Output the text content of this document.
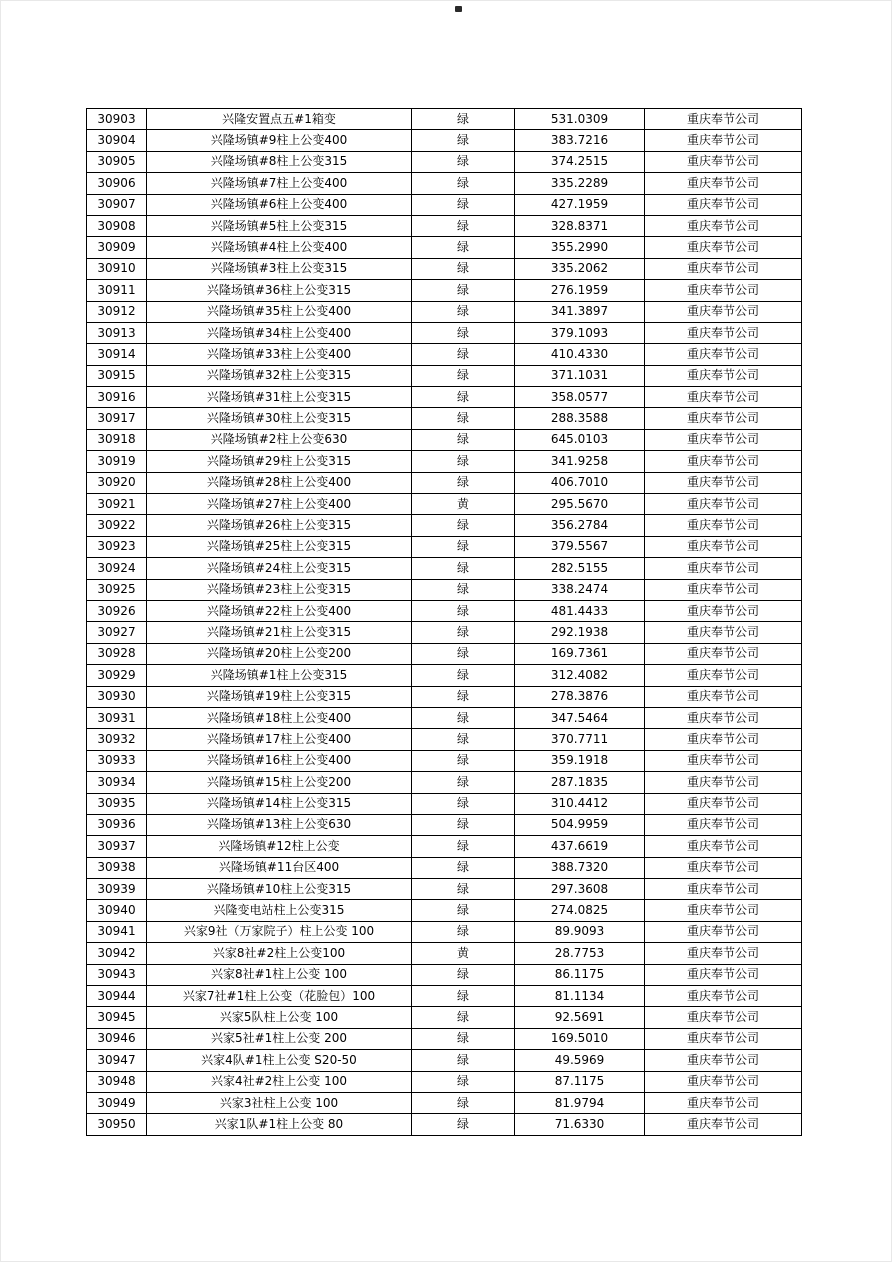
30903	兴隆安置点五#1箱变	绿	531.0309	重庆奉节公司
30904	兴隆场镇#9柱上公变400	绿	383.7216	重庆奉节公司
30905	兴隆场镇#8柱上公变315	绿	374.2515	重庆奉节公司
30906	兴隆场镇#7柱上公变400	绿	335.2289	重庆奉节公司
30907	兴隆场镇#6柱上公变400	绿	427.1959	重庆奉节公司
30908	兴隆场镇#5柱上公变315	绿	328.8371	重庆奉节公司
30909	兴隆场镇#4柱上公变400	绿	355.2990	重庆奉节公司
30910	兴隆场镇#3柱上公变315	绿	335.2062	重庆奉节公司
30911	兴隆场镇#36柱上公变315	绿	276.1959	重庆奉节公司
30912	兴隆场镇#35柱上公变400	绿	341.3897	重庆奉节公司
30913	兴隆场镇#34柱上公变400	绿	379.1093	重庆奉节公司
30914	兴隆场镇#33柱上公变400	绿	410.4330	重庆奉节公司
30915	兴隆场镇#32柱上公变315	绿	371.1031	重庆奉节公司
30916	兴隆场镇#31柱上公变315	绿	358.0577	重庆奉节公司
30917	兴隆场镇#30柱上公变315	绿	288.3588	重庆奉节公司
30918	兴隆场镇#2柱上公变630	绿	645.0103	重庆奉节公司
30919	兴隆场镇#29柱上公变315	绿	341.9258	重庆奉节公司
30920	兴隆场镇#28柱上公变400	绿	406.7010	重庆奉节公司
30921	兴隆场镇#27柱上公变400	黄	295.5670	重庆奉节公司
30922	兴隆场镇#26柱上公变315	绿	356.2784	重庆奉节公司
30923	兴隆场镇#25柱上公变315	绿	379.5567	重庆奉节公司
30924	兴隆场镇#24柱上公变315	绿	282.5155	重庆奉节公司
30925	兴隆场镇#23柱上公变315	绿	338.2474	重庆奉节公司
30926	兴隆场镇#22柱上公变400	绿	481.4433	重庆奉节公司
30927	兴隆场镇#21柱上公变315	绿	292.1938	重庆奉节公司
30928	兴隆场镇#20柱上公变200	绿	169.7361	重庆奉节公司
30929	兴隆场镇#1柱上公变315	绿	312.4082	重庆奉节公司
30930	兴隆场镇#19柱上公变315	绿	278.3876	重庆奉节公司
30931	兴隆场镇#18柱上公变400	绿	347.5464	重庆奉节公司
30932	兴隆场镇#17柱上公变400	绿	370.7711	重庆奉节公司
30933	兴隆场镇#16柱上公变400	绿	359.1918	重庆奉节公司
30934	兴隆场镇#15柱上公变200	绿	287.1835	重庆奉节公司
30935	兴隆场镇#14柱上公变315	绿	310.4412	重庆奉节公司
30936	兴隆场镇#13柱上公变630	绿	504.9959	重庆奉节公司
30937	兴隆场镇#12柱上公变	绿	437.6619	重庆奉节公司
30938	兴隆场镇#11台区400	绿	388.7320	重庆奉节公司
30939	兴隆场镇#10柱上公变315	绿	297.3608	重庆奉节公司
30940	兴隆变电站柱上公变315	绿	274.0825	重庆奉节公司
30941	兴家9社（万家院子）柱上公变 100	绿	89.9093	重庆奉节公司
30942	兴家8社#2柱上公变100	黄	28.7753	重庆奉节公司
30943	兴家8社#1柱上公变 100	绿	86.1175	重庆奉节公司
30944	兴家7社#1柱上公变（花脸包）100	绿	81.1134	重庆奉节公司
30945	兴家5队柱上公变 100	绿	92.5691	重庆奉节公司
30946	兴家5社#1柱上公变 200	绿	169.5010	重庆奉节公司
30947	兴家4队#1柱上公变 S20-50	绿	49.5969	重庆奉节公司
30948	兴家4社#2柱上公变 100	绿	87.1175	重庆奉节公司
30949	兴家3社柱上公变 100	绿	81.9794	重庆奉节公司
30950	兴家1队#1柱上公变 80	绿	71.6330	重庆奉节公司
